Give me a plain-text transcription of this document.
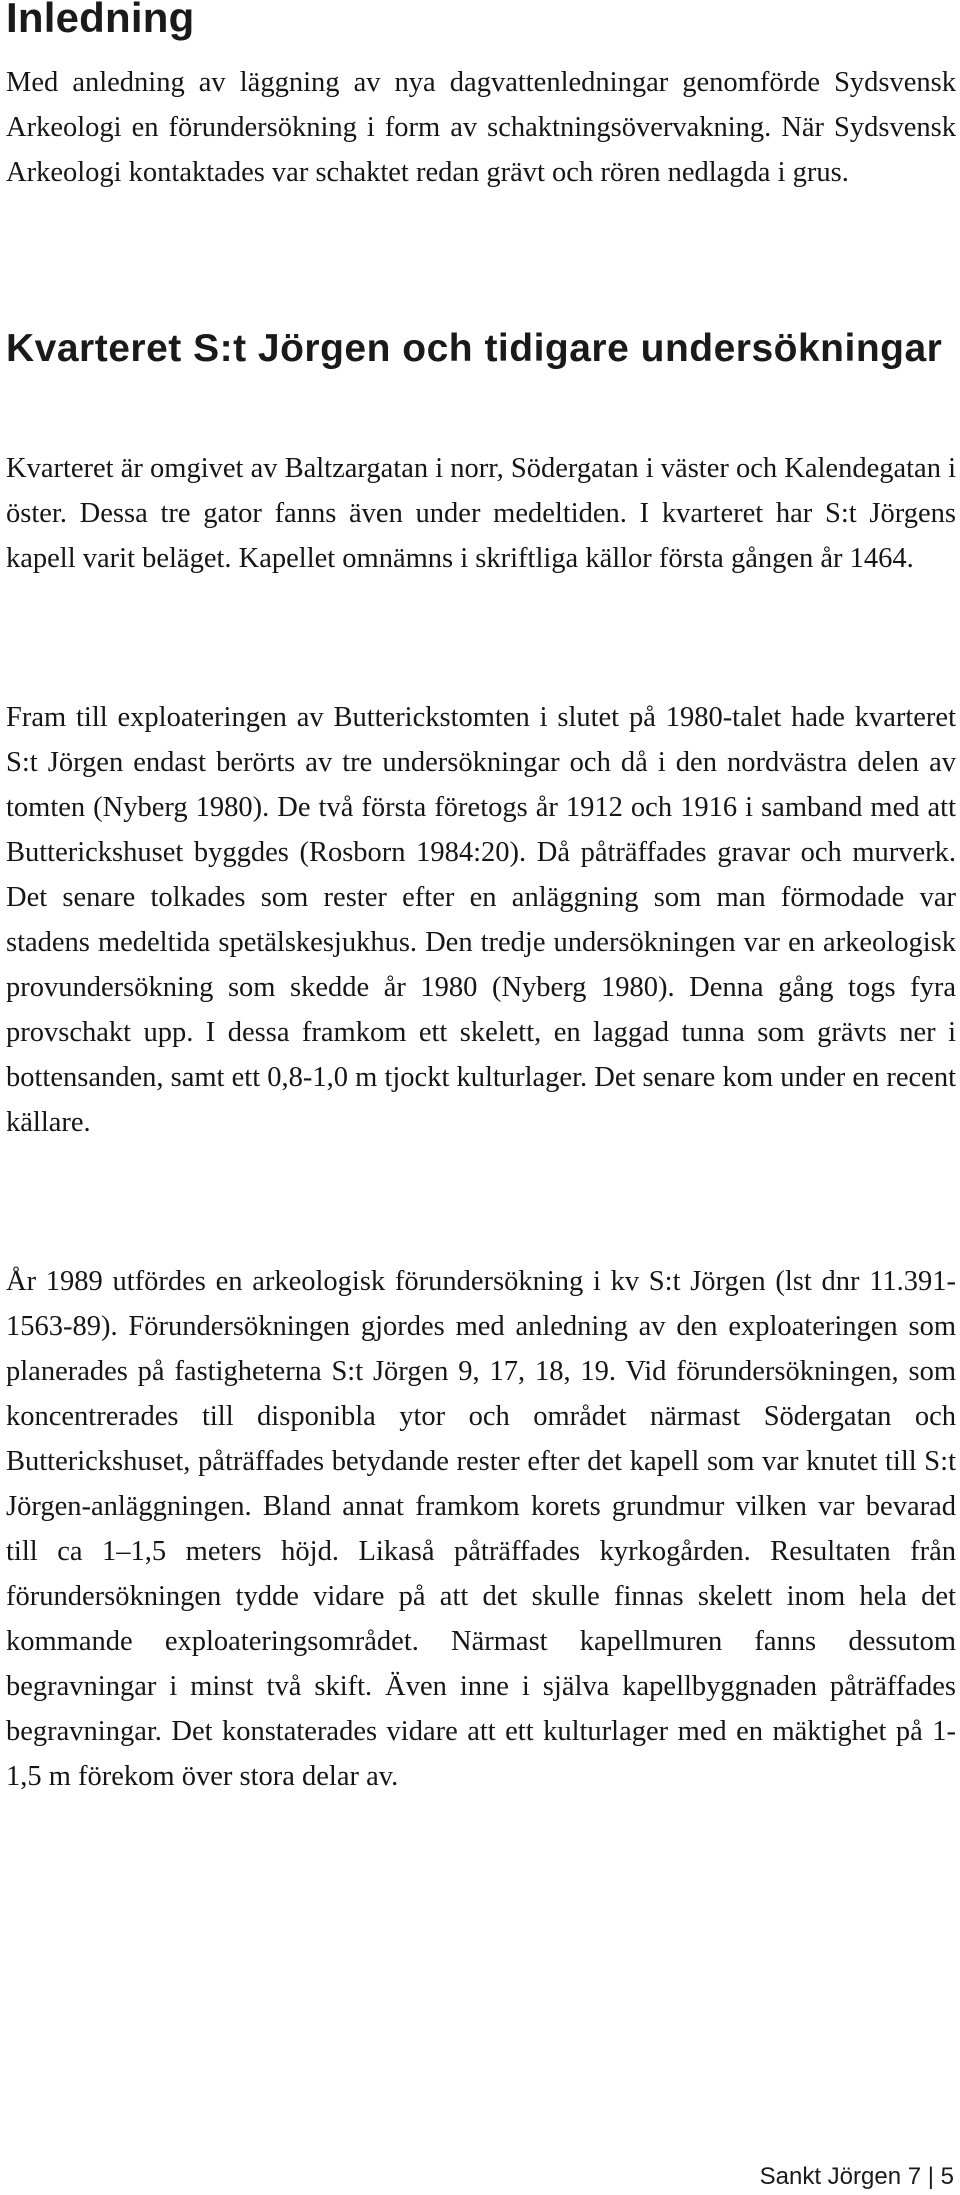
Inledning

Med anledning av läggning av nya dagvattenledningar genomförde Sydsvensk Arkeologi en förundersökning i form av schaktningsövervakning. När Sydsvensk Arkeologi kontaktades var schaktet redan grävt och rören nedlagda i grus.

Kvarteret S:t Jörgen och tidigare undersökningar

Kvarteret är omgivet av Baltzargatan i norr, Södergatan i väster och Kalendegatan i öster. Dessa tre gator fanns även under medeltiden. I kvarteret har S:t Jörgens kapell varit beläget. Kapellet omnämns i skriftliga källor första gången år 1464.

Fram till exploateringen av Butterickstomten i slutet på 1980-talet hade kvarteret S:t Jörgen endast berörts av tre undersökningar och då i den nordvästra delen av tomten (Nyberg 1980). De två första företogs år 1912 och 1916 i samband med att Butterickshuset byggdes (Rosborn 1984:20). Då påträffades gravar och murverk. Det senare tolkades som rester efter en anläggning som man förmodade var stadens medeltida spetälskesjukhus. Den tredje undersökningen var en arkeologisk provundersökning som skedde år 1980 (Nyberg 1980). Denna gång togs fyra provschakt upp. I dessa framkom ett skelett, en laggad tunna som grävts ner i bottensanden, samt ett 0,8-1,0 m tjockt kulturlager. Det senare kom under en recent källare.

År 1989 utfördes en arkeologisk förundersökning i kv S:t Jörgen (lst dnr 11.391-1563-89). Förundersökningen gjordes med anledning av den exploateringen som planerades på fastigheterna S:t Jörgen 9, 17, 18, 19. Vid förundersökningen, som koncentrerades till disponibla ytor och området närmast Södergatan och Butterickshuset, påträffades betydande rester efter det kapell som var knutet till S:t Jörgen-anläggningen. Bland annat framkom korets grundmur vilken var bevarad till ca 1–1,5 meters höjd. Likaså påträffades kyrkogården. Resultaten från förundersökningen tydde vidare på att det skulle finnas skelett inom hela det kommande exploateringsområdet. Närmast kapellmuren fanns dessutom begravningar i minst två skift. Även inne i själva kapellbyggnaden påträffades begravningar. Det konstaterades vidare att ett kulturlager med en mäktighet på 1-1,5 m förekom över stora delar av.

Sankt Jörgen 7 | 5
